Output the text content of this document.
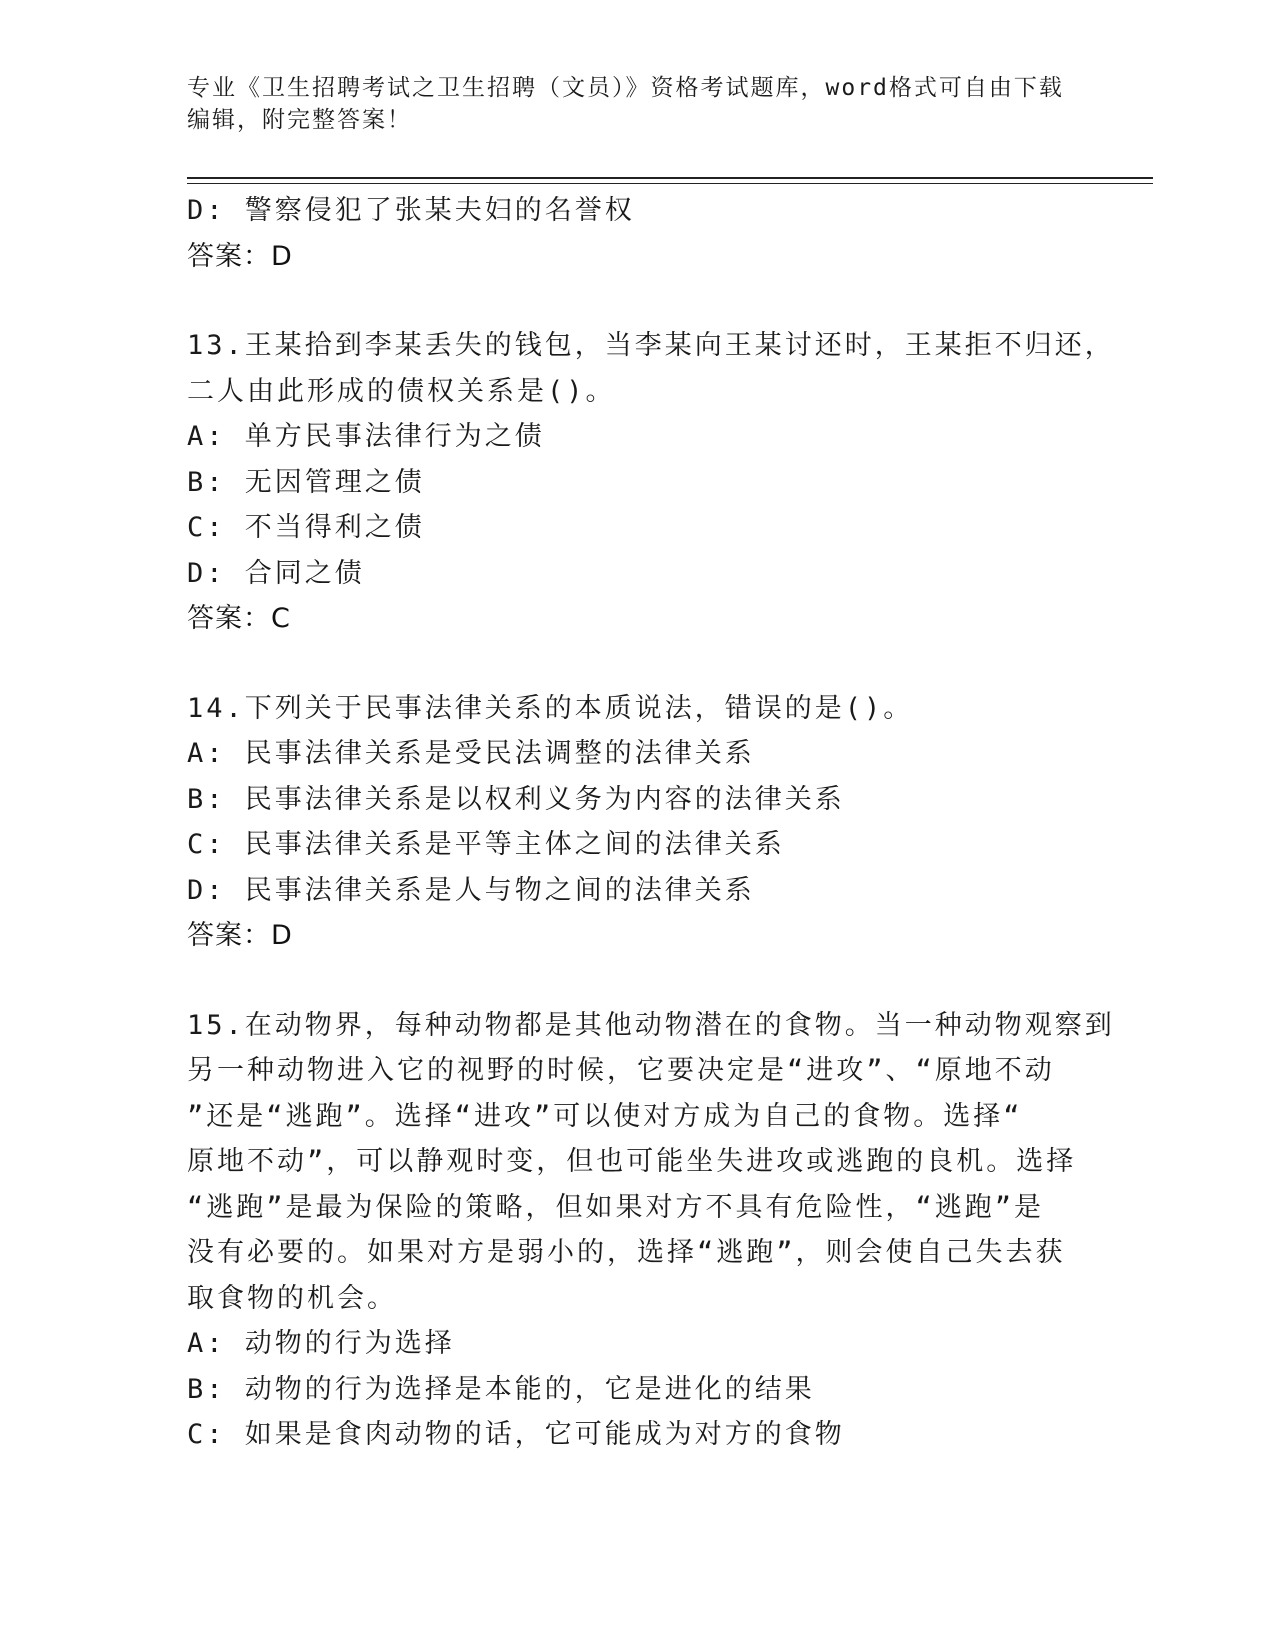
专业《卫生招聘考试之卫生招聘（文员）》资格考试题库，word格式可自由下载
编辑，附完整答案！
D: 警察侵犯了张某夫妇的名誉权
答案：D
13.王某拾到李某丢失的钱包，当李某向王某讨还时，王某拒不归还，
二人由此形成的债权关系是()。
A: 单方民事法律行为之债
B: 无因管理之债
C: 不当得利之债
D: 合同之债
答案：C
14.下列关于民事法律关系的本质说法，错误的是()。
A: 民事法律关系是受民法调整的法律关系
B: 民事法律关系是以权利义务为内容的法律关系
C: 民事法律关系是平等主体之间的法律关系
D: 民事法律关系是人与物之间的法律关系
答案：D
15.在动物界，每种动物都是其他动物潜在的食物。当一种动物观察到
另一种动物进入它的视野的时候，它要决定是“进攻”、“原地不动
”还是“逃跑”。选择“进攻”可以使对方成为自己的食物。选择“
原地不动”，可以静观时变，但也可能坐失进攻或逃跑的良机。选择
“逃跑”是最为保险的策略，但如果对方不具有危险性，“逃跑”是
没有必要的。如果对方是弱小的，选择“逃跑”，则会使自己失去获
取食物的机会。
A: 动物的行为选择
B: 动物的行为选择是本能的，它是进化的结果
C: 如果是食肉动物的话，它可能成为对方的食物
